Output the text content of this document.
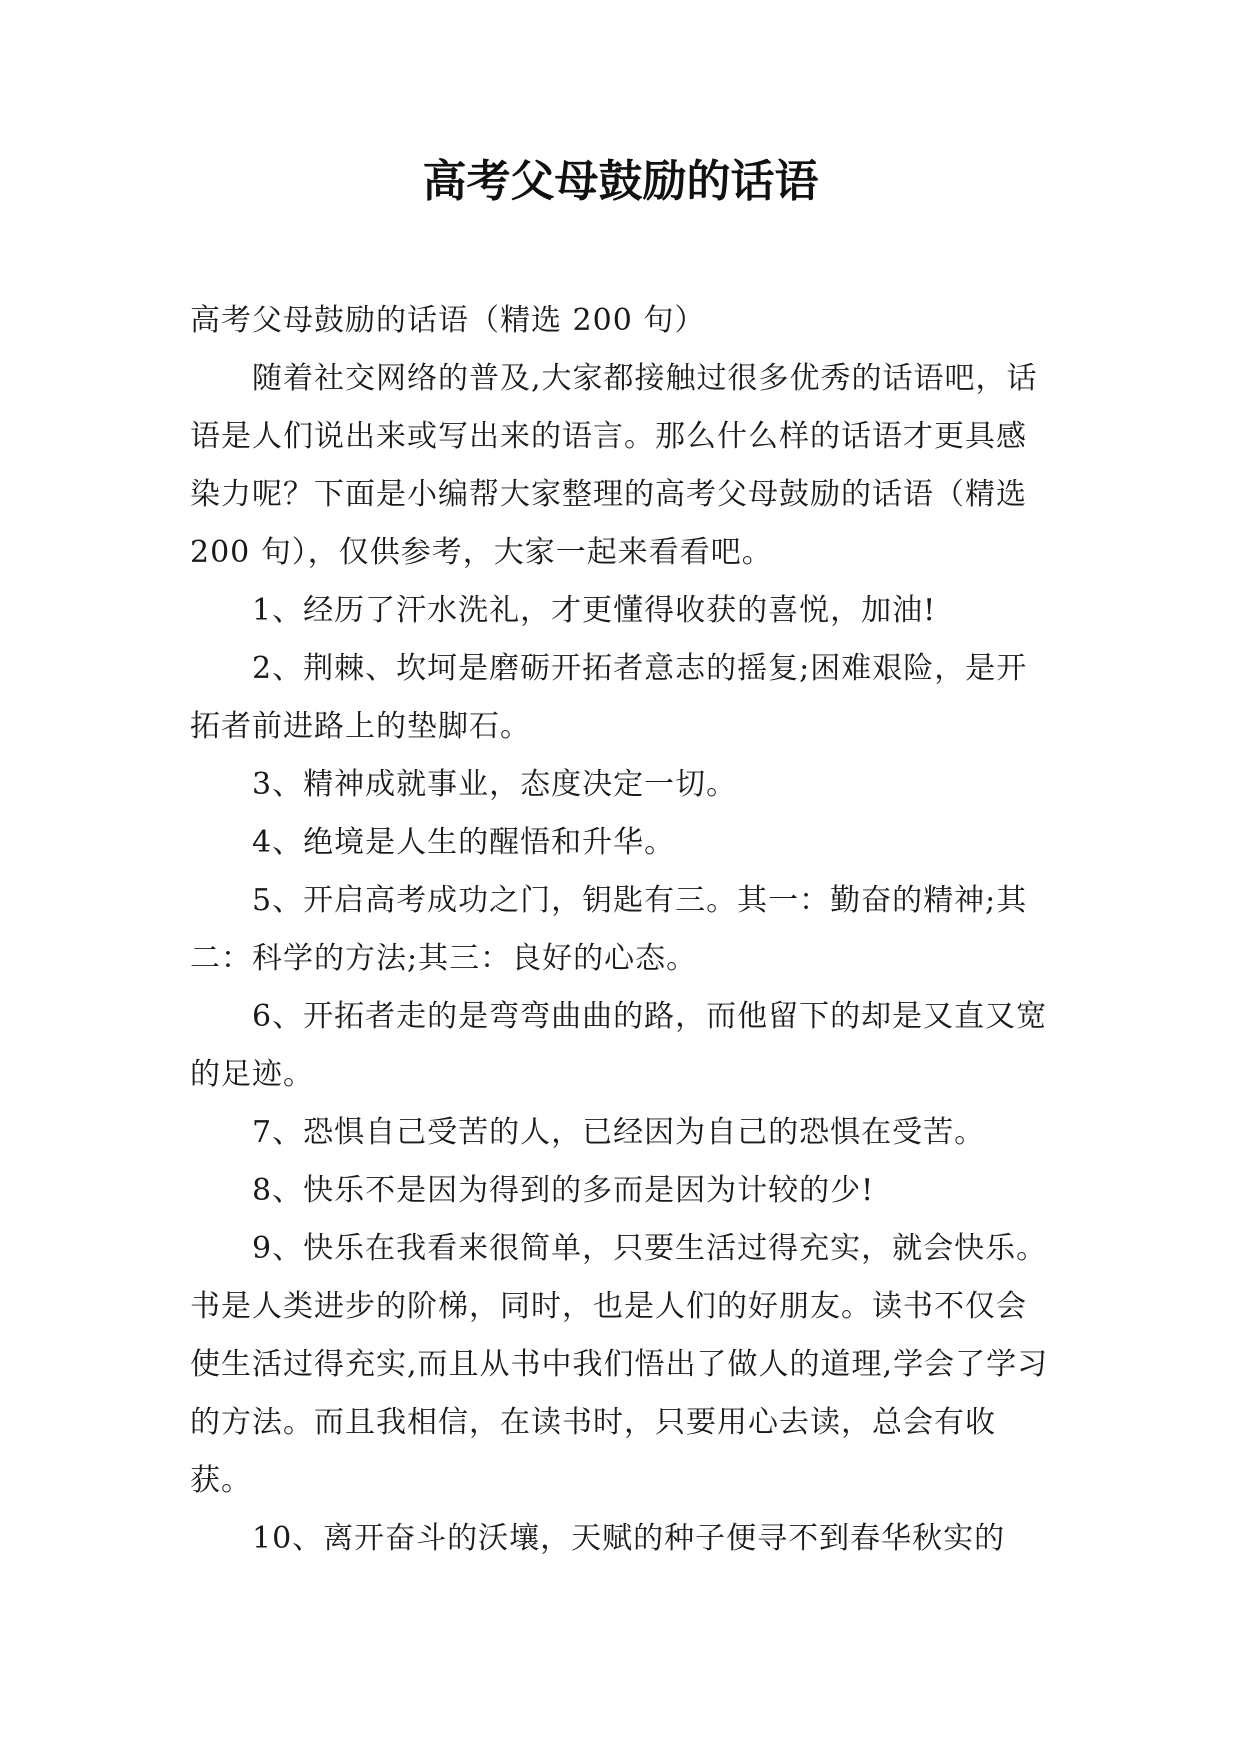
高考父母鼓励的话语

高考父母鼓励的话语（精选 200 句）

随着社交网络的普及,大家都接触过很多优秀的话语吧，话语是人们说出来或写出来的语言。那么什么样的话语才更具感染力呢？下面是小编帮大家整理的高考父母鼓励的话语（精选 200 句），仅供参考，大家一起来看看吧。

1、经历了汗水洗礼，才更懂得收获的喜悦，加油!

2、荆棘、坎坷是磨砺开拓者意志的摇复;困难艰险，是开拓者前进路上的垫脚石。

3、精神成就事业，态度决定一切。

4、绝境是人生的醒悟和升华。

5、开启高考成功之门，钥匙有三。其一：勤奋的精神;其二：科学的方法;其三：良好的心态。

6、开拓者走的是弯弯曲曲的路，而他留下的却是又直又宽的足迹。

7、恐惧自己受苦的人，已经因为自己的恐惧在受苦。

8、快乐不是因为得到的多而是因为计较的少!

9、快乐在我看来很简单，只要生活过得充实，就会快乐。书是人类进步的阶梯，同时，也是人们的好朋友。读书不仅会使生活过得充实,而且从书中我们悟出了做人的道理,学会了学习的方法。而且我相信，在读书时，只要用心去读，总会有收获。

10、离开奋斗的沃壤，天赋的种子便寻不到春华秋实的
